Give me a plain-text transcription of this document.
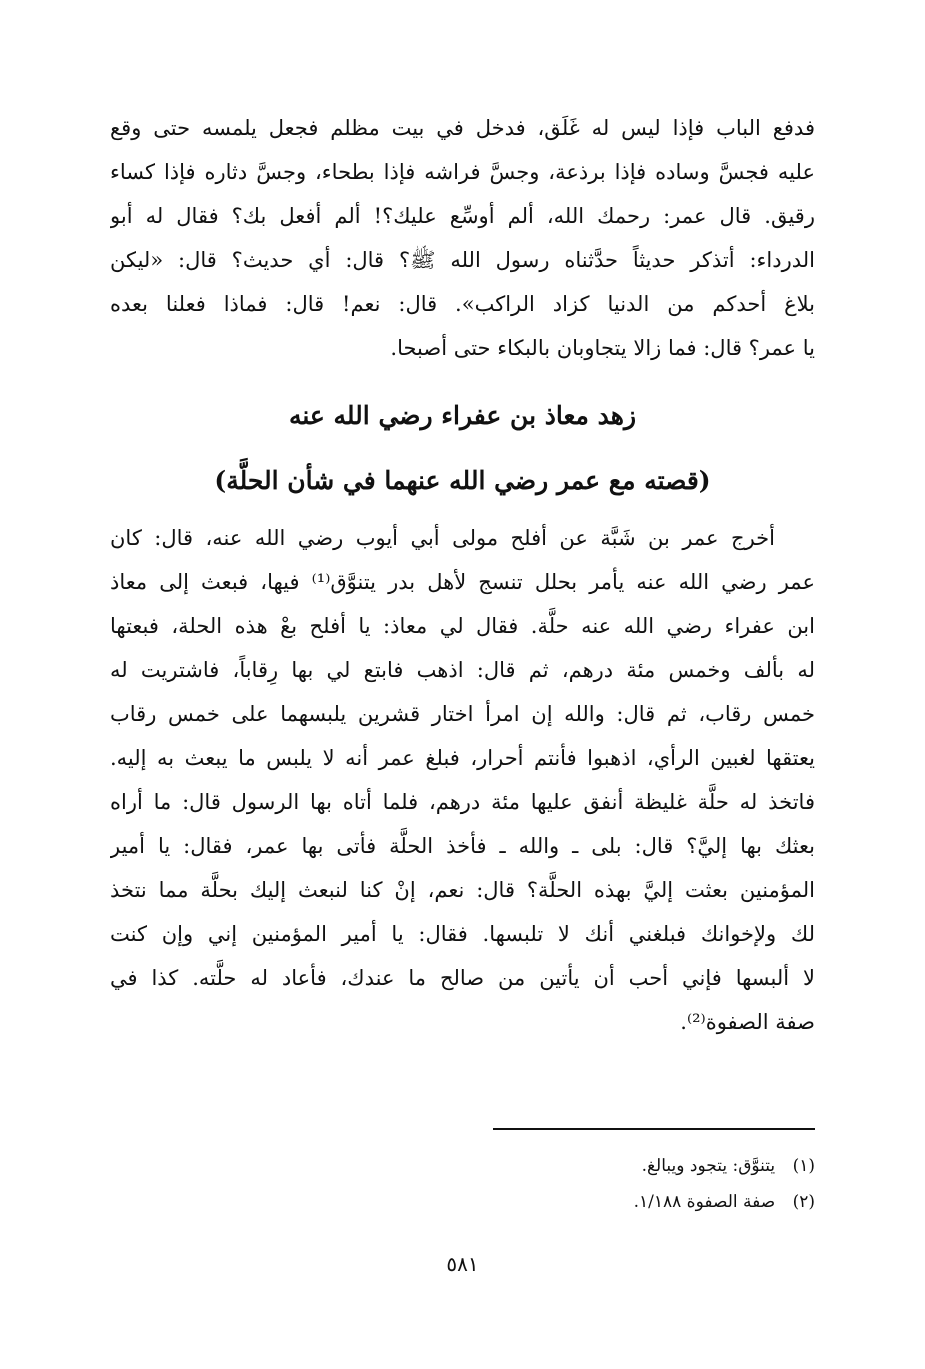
فدفع الباب فإذا ليس له غَلَق، فدخل في بيت مظلم فجعل يلمسه حتى وقع
عليه فجسَّ وساده فإذا برذعة، وجسَّ فراشه فإذا بطحاء، وجسَّ دثاره فإذا كساء
رقيق. قال عمر: رحمك الله، ألم أوسِّع عليك؟! ألم أفعل بك؟ فقال له أبو
الدرداء: أتذكر حديثاً حدَّثناه رسول الله ﷺ؟ قال: أي حديث؟ قال: «ليكن
بلاغ أحدكم من الدنيا كزاد الراكب». قال: نعم! قال: فماذا فعلنا بعده
يا عمر؟ قال: فما زالا يتجاوبان بالبكاء حتى أصبحا.
زهد معاذ بن عفراء رضي الله عنه
(قصته مع عمر رضي الله عنهما في شأن الحلَّة)
أخرج عمر بن شَبَّة عن أفلح مولى أبي أيوب رضي الله عنه، قال: كان
عمر رضي الله عنه يأمر بحلل تنسج لأهل بدر يتنوَّق⁽¹⁾ فيها، فبعث إلى معاذ
ابن عفراء رضي الله عنه حلَّة. فقال لي معاذ: يا أفلح بعْ هذه الحلة، فبعتها
له بألف وخمس مئة درهم، ثم قال: اذهب فابتع لي بها رِقاباً، فاشتريت له
خمس رقاب، ثم قال: والله إن امرأ اختار قشرين يلبسهما على خمس رقاب
يعتقها لغبين الرأي، اذهبوا فأنتم أحرار، فبلغ عمر أنه لا يلبس ما يبعث به إليه.
فاتخذ له حلَّة غليظة أنفق عليها مئة درهم، فلما أتاه بها الرسول قال: ما أراه
بعثك بها إليَّ؟ قال: بلى ـ والله ـ فأخذ الحلَّة فأتى بها عمر، فقال: يا أمير
المؤمنين بعثت إليَّ بهذه الحلَّة؟ قال: نعم، إنْ كنا لنبعث إليك بحلَّة مما نتخذ
لك ولإخوانك فبلغني أنك لا تلبسها. فقال: يا أمير المؤمنين إني وإن كنت
لا ألبسها فإني أحب أن يأتين من صالح ما عندك، فأعاد له حلَّته. كذا في
صفة الصفوة⁽²⁾.
(١) يتنوَّق: يتجود ويبالغ.
(٢) صفة الصفوة ١/١٨٨.
٥٨١
